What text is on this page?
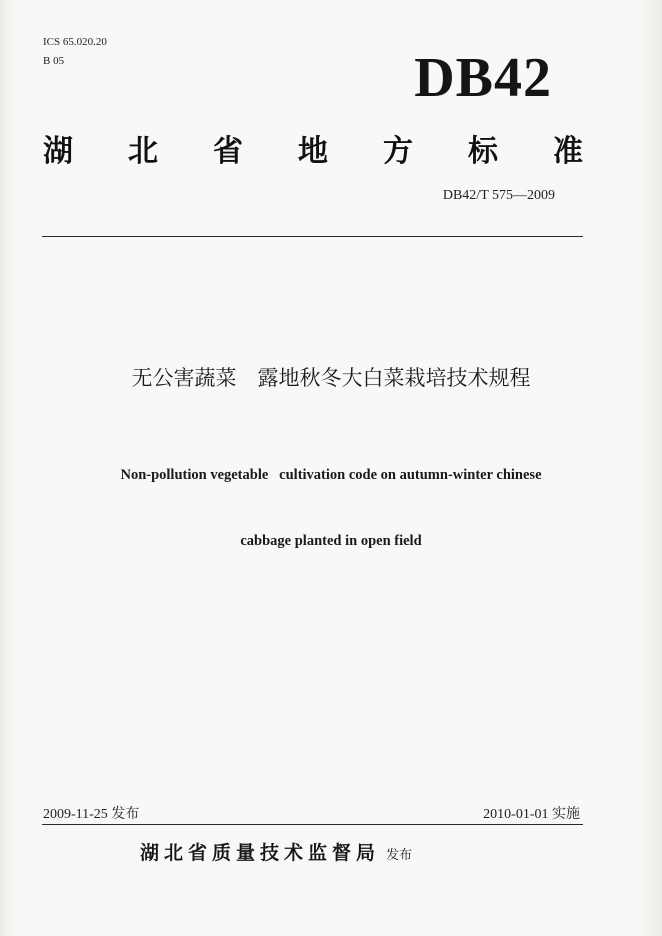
ICS 65.020.20
B 05	DB42
湖 北 省 地 方 标 准
DB42/T 575—2009
无公害蔬菜　露地秋冬大白菜栽培技术规程

Non-pollution vegetable   cultivation code on autumn-winter chinese

cabbage planted in open field

2009-11-25 发布	2010-01-01 实施
湖北省质量技术监督局 发布
